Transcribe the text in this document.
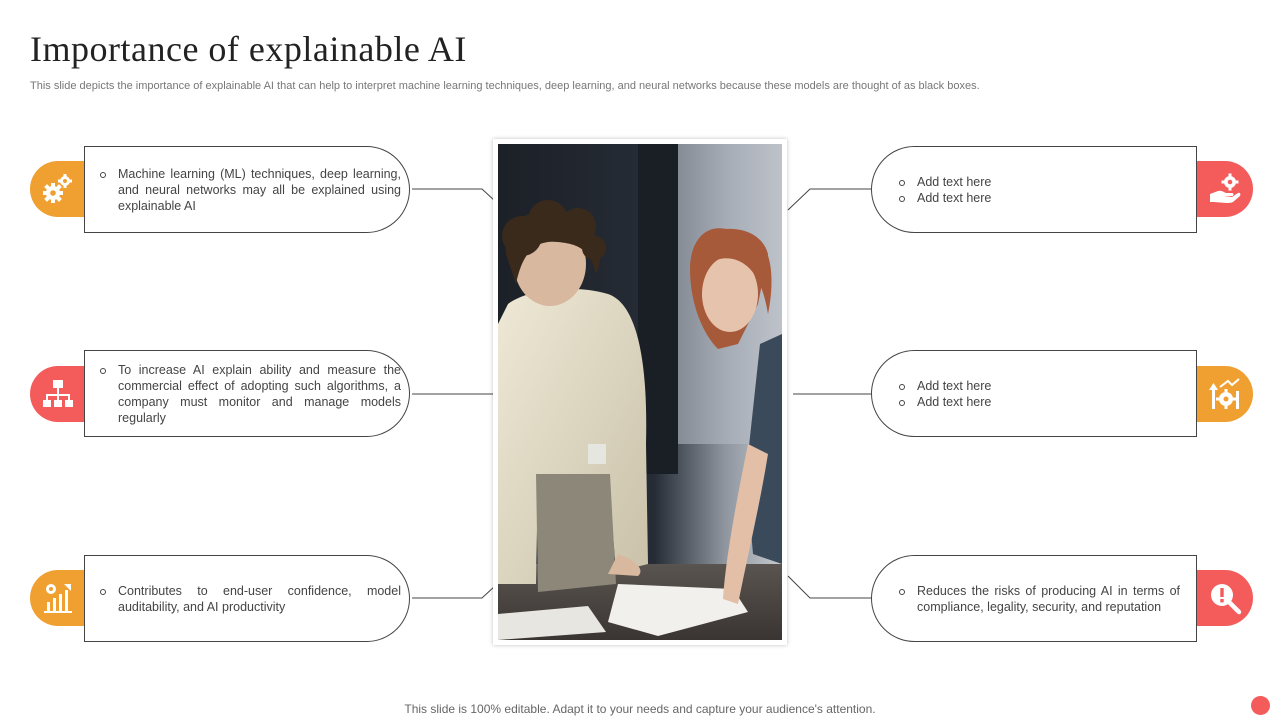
Importance of explainable AI

This slide depicts the importance of explainable AI that can help to interpret machine learning techniques, deep learning, and neural networks because these models are thought of as black boxes.

Machine learning (ML) techniques, deep learning, and neural networks may all be explained using explainable AI
To increase AI explain ability and measure the commercial effect of adopting such algorithms, a company must monitor and manage models regularly
Contributes to end-user confidence, model auditability, and AI productivity
Add text here
Add text here
Add text here
Add text here
Reduces the risks of producing AI in terms of compliance, legality, security, and reputation

This slide is 100% editable. Adapt it to your needs and capture your audience's attention.
